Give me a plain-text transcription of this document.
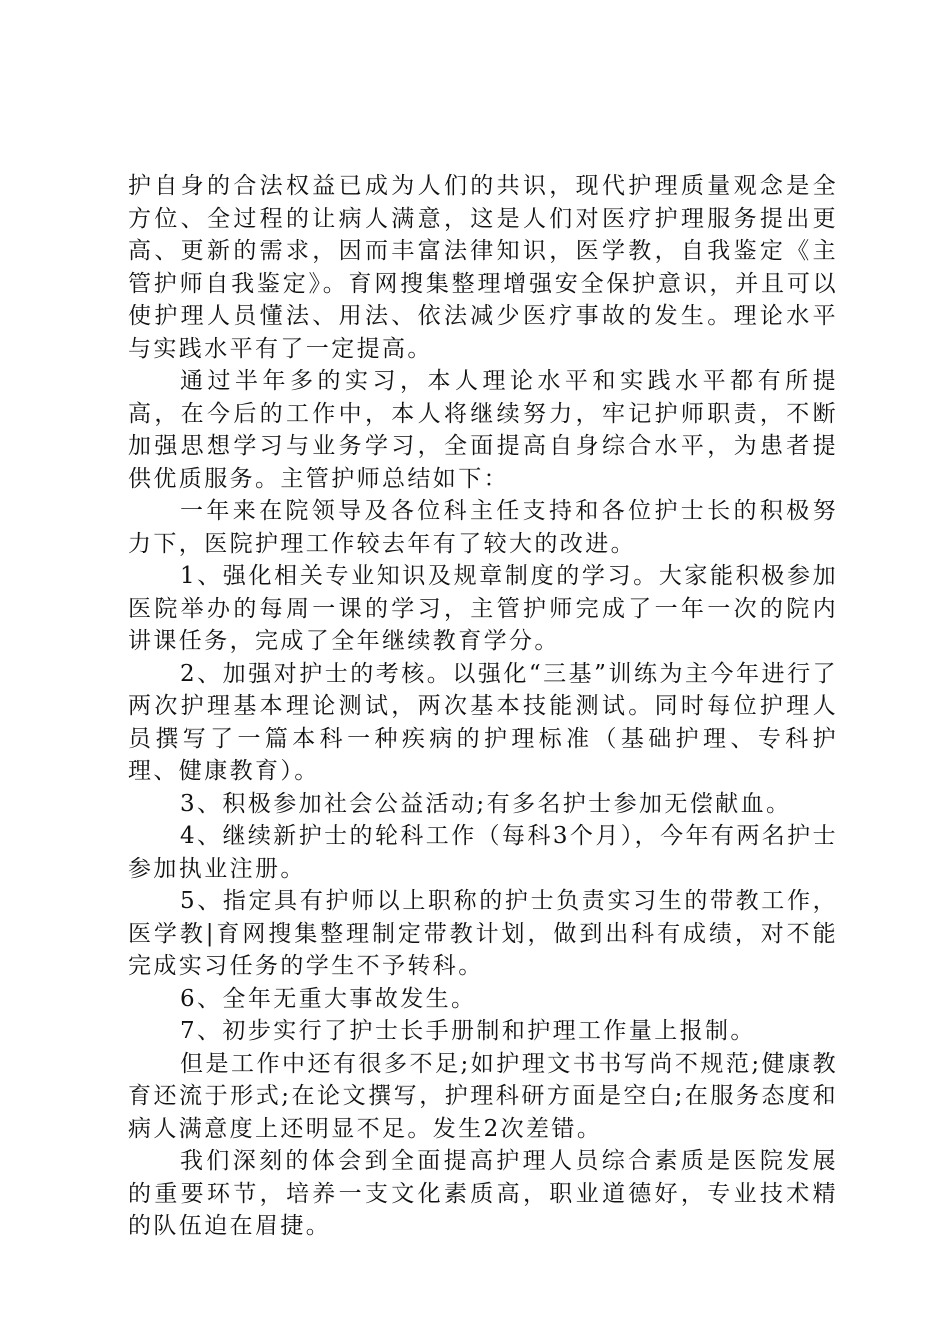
护自身的合法权益已成为人们的共识，现代护理质量观念是全方位、全过程的让病人满意，这是人们对医疗护理服务提出更高、更新的需求，因而丰富法律知识，医学教，自我鉴定《主管护师自我鉴定》。育网搜集整理增强安全保护意识，并且可以使护理人员懂法、用法、依法减少医疗事故的发生。理论水平与实践水平有了一定提高。

通过半年多的实习，本人理论水平和实践水平都有所提高，在今后的工作中，本人将继续努力，牢记护师职责，不断加强思想学习与业务学习，全面提高自身综合水平，为患者提供优质服务。主管护师总结如下：

一年来在院领导及各位科主任支持和各位护士长的积极努力下，医院护理工作较去年有了较大的改进。

1、强化相关专业知识及规章制度的学习。大家能积极参加医院举办的每周一课的学习，主管护师完成了一年一次的院内讲课任务，完成了全年继续教育学分。

2、加强对护士的考核。以强化“三基”训练为主今年进行了两次护理基本理论测试，两次基本技能测试。同时每位护理人员撰写了一篇本科一种疾病的护理标准（基础护理、专科护理、健康教育）。

3、积极参加社会公益活动;有多名护士参加无偿献血。

4、继续新护士的轮科工作（每科3个月），今年有两名护士参加执业注册。

5、指定具有护师以上职称的护士负责实习生的带教工作，医学教|育网搜集整理制定带教计划，做到出科有成绩，对不能完成实习任务的学生不予转科。

6、全年无重大事故发生。

7、初步实行了护士长手册制和护理工作量上报制。

但是工作中还有很多不足;如护理文书书写尚不规范;健康教育还流于形式;在论文撰写，护理科研方面是空白;在服务态度和病人满意度上还明显不足。发生2次差错。

我们深刻的体会到全面提高护理人员综合素质是医院发展的重要环节，培养一支文化素质高，职业道德好，专业技术精的队伍迫在眉捷。
